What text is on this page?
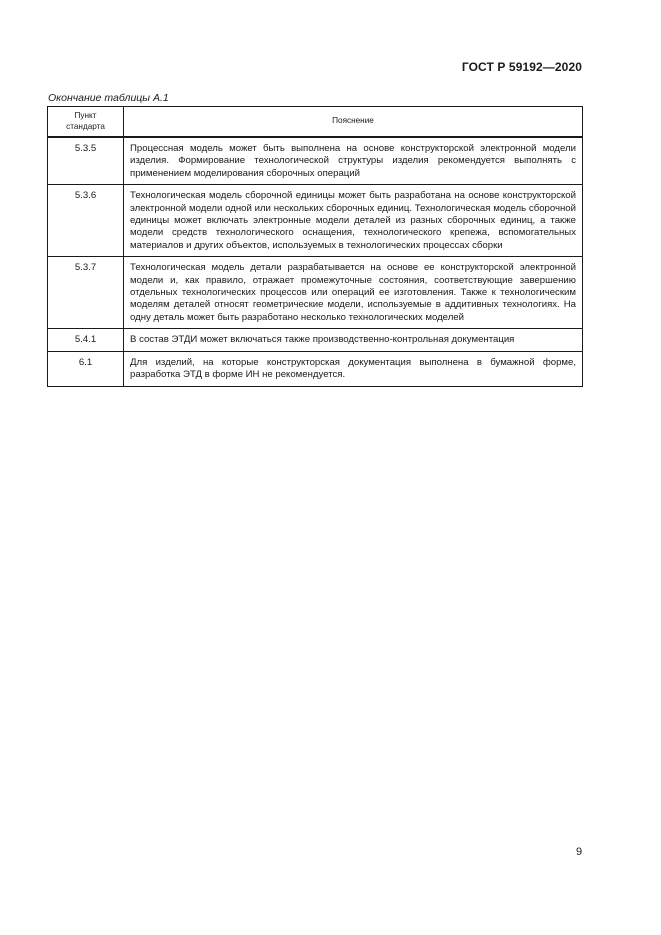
ГОСТ Р 59192—2020
Окончание таблицы А.1
Пункт стандарта	Пояснение
5.3.5	Процессная модель может быть выполнена на основе конструкторской электронной модели изделия. Формирование технологической структуры изделия рекомендуется выполнять с применением моделирования сборочных операций
5.3.6	Технологическая модель сборочной единицы может быть разработана на основе конструкторской электронной модели одной или нескольких сборочных единиц. Технологическая модель сборочной единицы может включать электронные модели деталей из разных сборочных единиц, а также модели средств технологического оснащения, технологического крепежа, вспомогательных материалов и других объектов, используемых в технологических процессах сборки
5.3.7	Технологическая модель детали разрабатывается на основе ее конструкторской электронной модели и, как правило, отражает промежуточные состояния, соответствующие завершению отдельных технологических процессов или операций ее изготовления. Также к технологическим моделям деталей относят геометрические модели, используемые в аддитивных технологиях. На одну деталь может быть разработано несколько технологических моделей
5.4.1	В состав ЭТДИ может включаться также производственно-контрольная документация
6.1	Для изделий, на которые конструкторская документация выполнена в бумажной форме, разработка ЭТД в форме ИН не рекомендуется.
9
